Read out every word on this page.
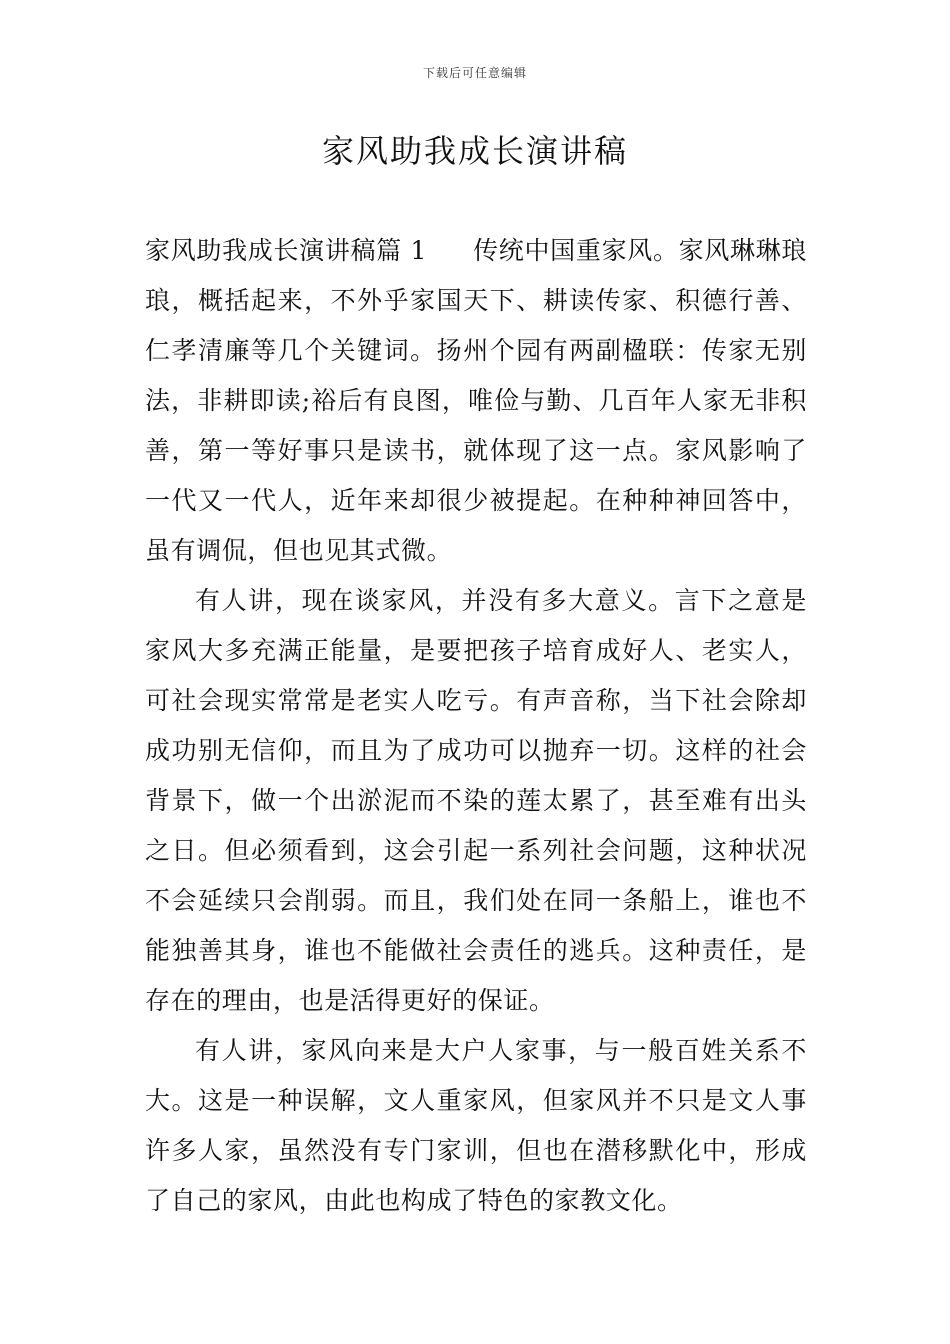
下载后可任意编辑
家风助我成长演讲稿

家风助我成长演讲稿篇 1 传统中国重家风。家风琳琳琅琅，概括起来，不外乎家国天下、耕读传家、积德行善、仁孝清廉等几个关键词。扬州个园有两副楹联：传家无别法，非耕即读;裕后有良图，唯俭与勤、几百年人家无非积善，第一等好事只是读书，就体现了这一点。家风影响了一代又一代人，近年来却很少被提起。在种种神回答中，虽有调侃，但也见其式微。

有人讲，现在谈家风，并没有多大意义。言下之意是家风大多充满正能量，是要把孩子培育成好人、老实人，可社会现实常常是老实人吃亏。有声音称，当下社会除却成功别无信仰，而且为了成功可以抛弃一切。这样的社会背景下，做一个出淤泥而不染的莲太累了，甚至难有出头之日。但必须看到，这会引起一系列社会问题，这种状况不会延续只会削弱。而且，我们处在同一条船上，谁也不能独善其身，谁也不能做社会责任的逃兵。这种责任，是存在的理由，也是活得更好的保证。

有人讲，家风向来是大户人家事，与一般百姓关系不大。这是一种误解，文人重家风，但家风并不只是文人事许多人家，虽然没有专门家训，但也在潜移默化中，形成了自己的家风，由此也构成了特色的家教文化。
